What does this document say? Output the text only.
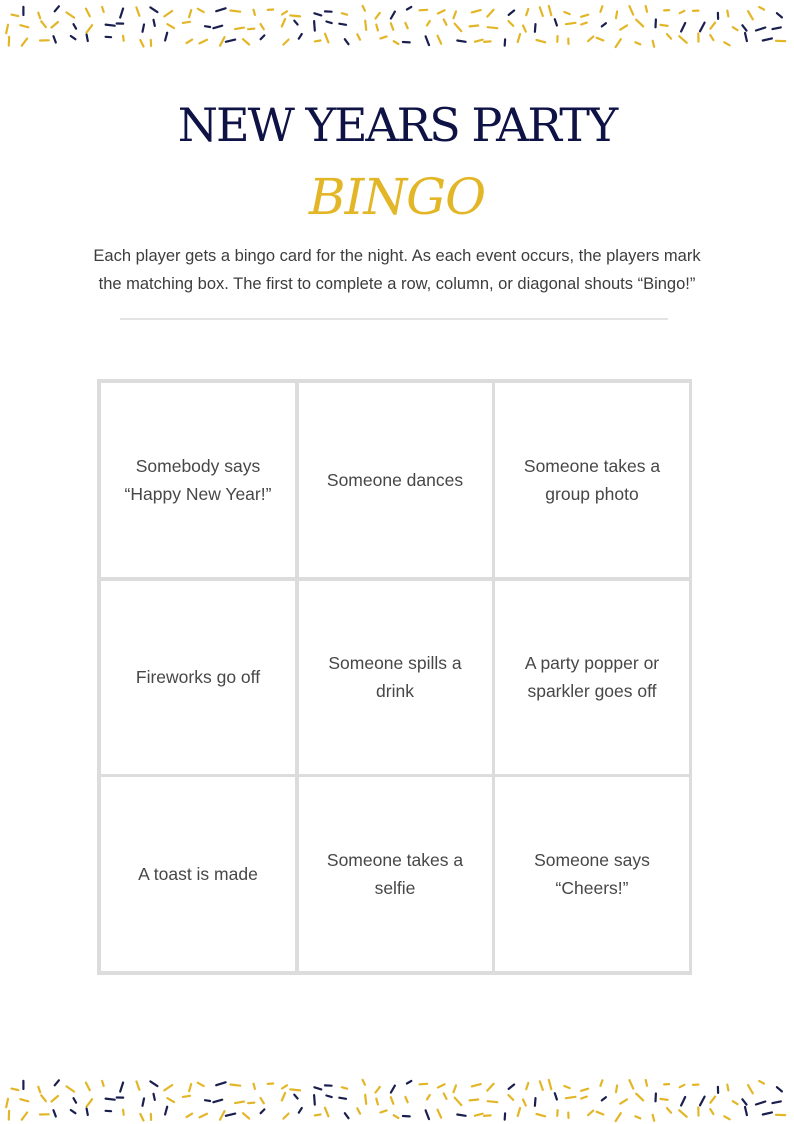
NEW YEARS PARTY
BINGO
Each player gets a bingo card for the night. As each event occurs, the players mark
the matching box. The first to complete a row, column, or diagonal shouts “Bingo!”
Somebody says “Happy New Year!”
Someone dances
Someone takes a group photo
Fireworks go off
Someone spills a drink
A party popper or sparkler goes off
A toast is made
Someone takes a selfie
Someone says “Cheers!”
